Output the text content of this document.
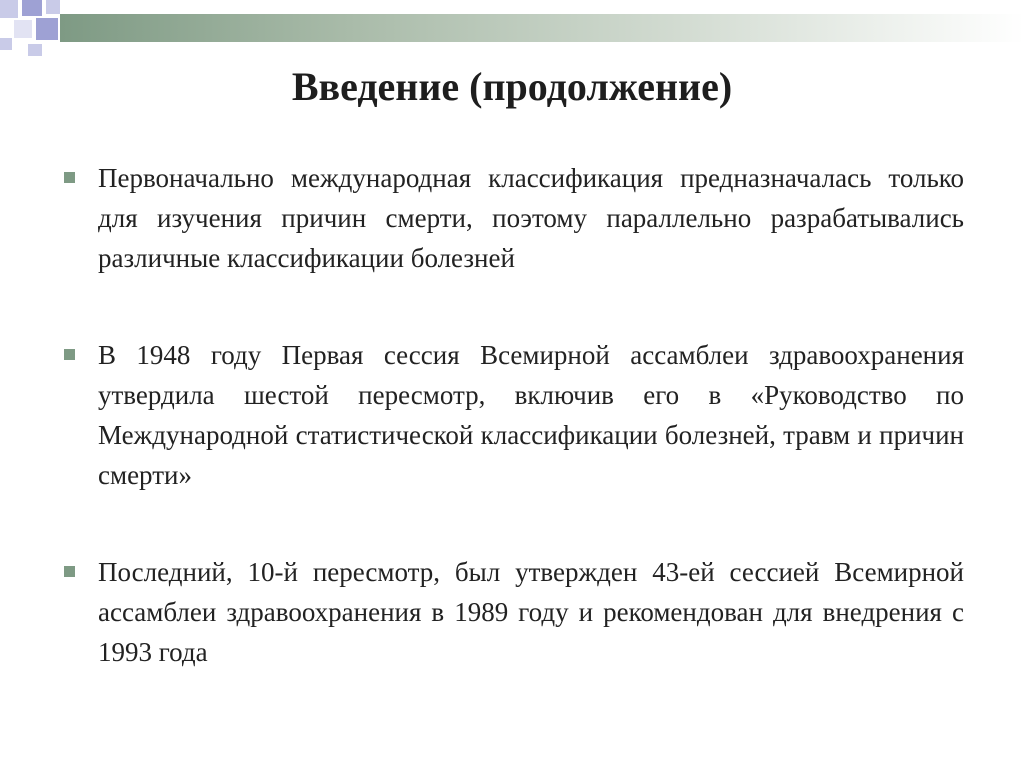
Введение (продолжение)
Первоначально международная классификация предназначалась только для изучения причин смерти, поэтому параллельно разрабатывались различные классификации болезней
В 1948 году Первая сессия Всемирной ассамблеи здравоохранения утвердила шестой пересмотр, включив его в «Руководство по Международной статистической классификации болезней, травм и причин смерти»
Последний, 10-й пересмотр, был утвержден 43-ей сессией Всемирной ассамблеи здравоохранения в 1989 году и рекомендован для внедрения с 1993 года
